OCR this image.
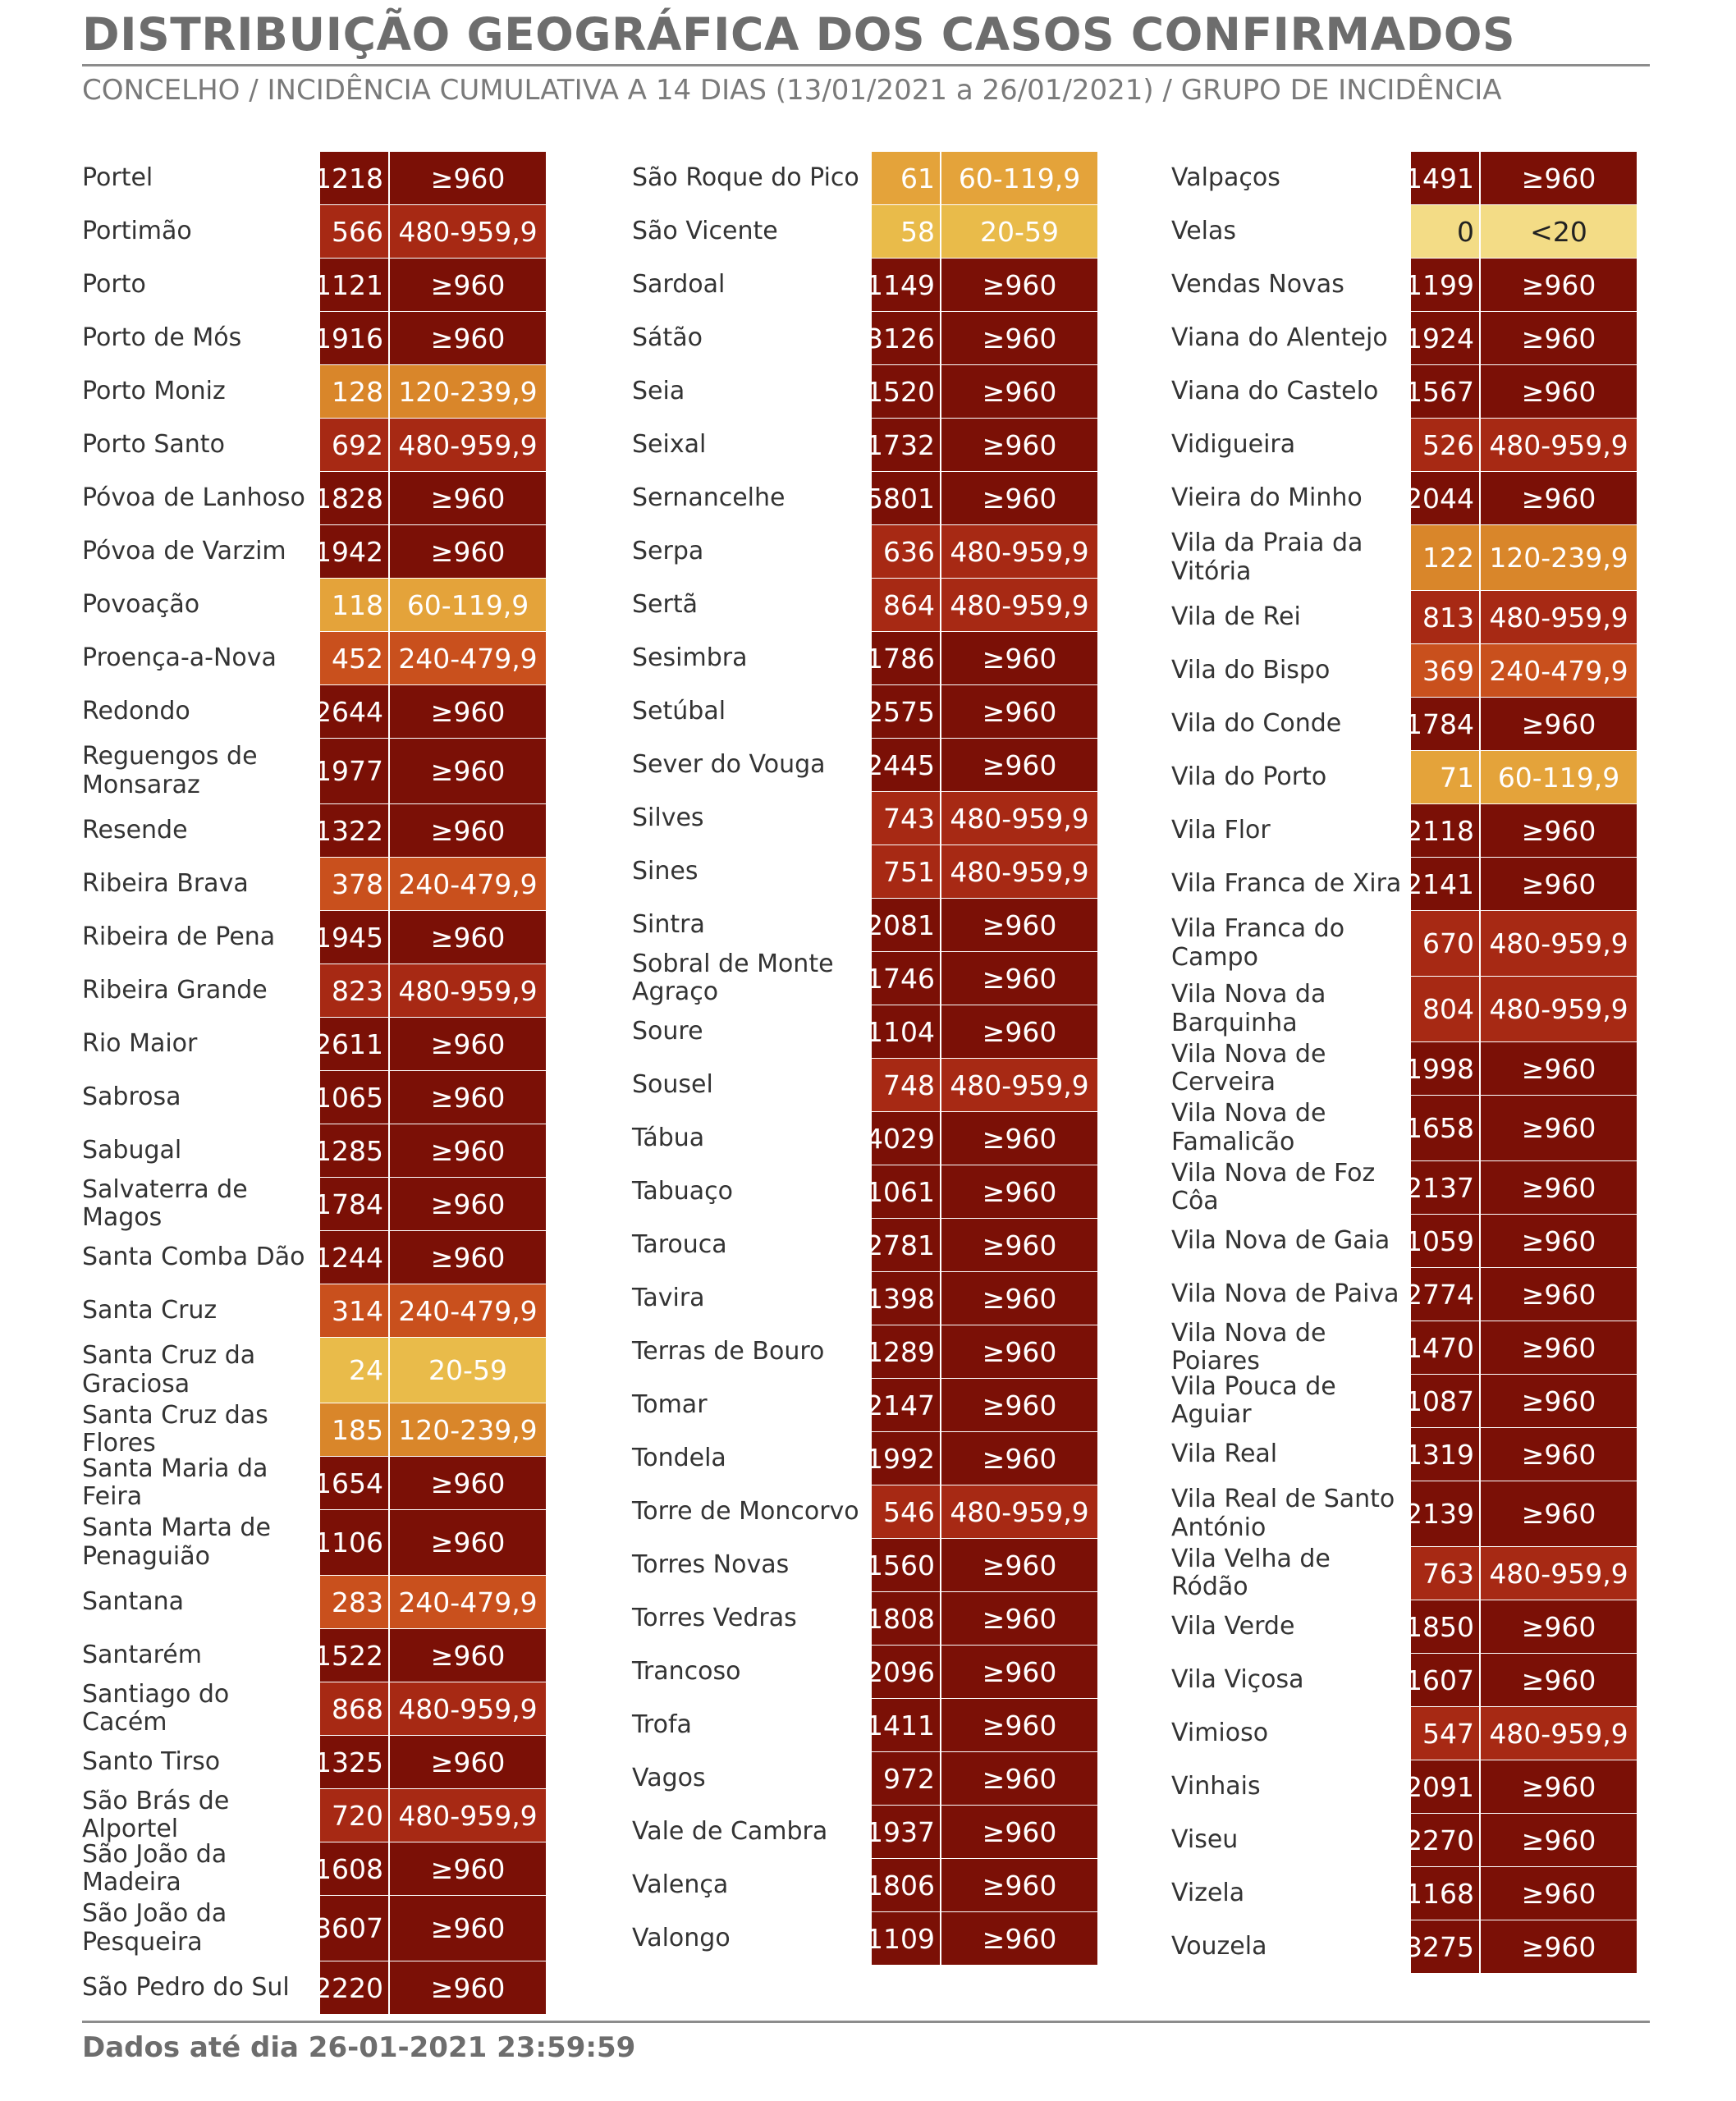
DISTRIBUIÇÃO GEOGRÁFICA DOS CASOS CONFIRMADOS
CONCELHO / INCIDÊNCIA CUMULATIVA A 14 DIAS (13/01/2021 a 26/01/2021) / GRUPO DE INCIDÊNCIA
Portel	1218	≥960
Portimão	566 480-959,9
Porto	1121	≥960
Porto de Mós	1916	≥960
Porto Moniz	128 120-239,9
Porto Santo	692 480-959,9
Póvoa de Lanhoso 1828	≥960
Póvoa de Varzim	1942	≥960
Povoação	118 60-119,9
Proença-a-Nova	452 240-479,9
Redondo	2644	≥960
Reguengos de Monsaraz	1977	≥960
Resende	1322	≥960
Ribeira Brava	378 240-479,9
Ribeira de Pena	1945	≥960
Ribeira Grande	823 480-959,9
Rio Maior	2611	≥960
Sabrosa	1065	≥960
Sabugal	1285	≥960
Salvaterra de Magos	1784	≥960
Santa Comba Dão 1244	≥960
Santa Cruz	314 240-479,9
Santa Cruz da Graciosa	24	20-59
Santa Cruz das Flores	185 120-239,9
Santa Maria da Feira	1654	≥960
Santa Marta de Penaguião	1106	≥960
Santana	283 240-479,9
Santarém	1522	≥960
Santiago do Cacém	868 480-959,9
Santo Tirso	1325	≥960
São Brás de Alportel	720 480-959,9
São João da Madeira	1608	≥960
São João da Pesqueira	3607	≥960
São Pedro do Sul 2220	≥960
São Roque do Pico	61 60-119,9
São Vicente	58	20-59
Sardoal	1149	≥960
Sátão	3126	≥960
Seia	1520	≥960
Seixal	1732	≥960
Sernancelhe	5801	≥960
Serpa	636 480-959,9
Sertã	864 480-959,9
Sesimbra	1786	≥960
Setúbal	2575	≥960
Sever do Vouga	2445	≥960
Silves	743 480-959,9
Sines	751 480-959,9
Sintra	2081	≥960
Sobral de Monte Agraço	1746	≥960
Soure	1104	≥960
Sousel	748 480-959,9
Tábua	4029	≥960
Tabuaço	1061	≥960
Tarouca	2781	≥960
Tavira	1398	≥960
Terras de Bouro	1289	≥960
Tomar	2147	≥960
Tondela	1992	≥960
Torre de Moncorvo 546 480-959,9
Torres Novas	1560	≥960
Torres Vedras	1808	≥960
Trancoso	2096	≥960
Trofa	1411	≥960
Vagos	972	≥960
Vale de Cambra	1937	≥960
Valença	1806	≥960
Valongo	1109	≥960
Valpaços	1491	≥960
Velas	0	<20
Vendas Novas	1199	≥960
Viana do Alentejo 1924	≥960
Viana do Castelo 1567	≥960
Vidigueira	526 480-959,9
Vieira do Minho	2044	≥960
Vila da Praia da Vitória	122 120-239,9
Vila de Rei	813 480-959,9
Vila do Bispo	369 240-479,9
Vila do Conde	1784	≥960
Vila do Porto	71 60-119,9
Vila Flor	2118	≥960
Vila Franca de Xira 2141	≥960
Vila Franca do Campo	670 480-959,9
Vila Nova da Barquinha	804 480-959,9
Vila Nova de Cerveira	1998	≥960
Vila Nova de Famalicão	1658	≥960
Vila Nova de Foz Côa	2137	≥960
Vila Nova de Gaia 1059	≥960
Vila Nova de Paiva 2774	≥960
Vila Nova de Poiares	1470	≥960
Vila Pouca de Aguiar	1087	≥960
Vila Real	1319	≥960
Vila Real de Santo António	2139	≥960
Vila Velha de Ródão	763 480-959,9
Vila Verde	1850	≥960
Vila Viçosa	1607	≥960
Vimioso	547 480-959,9
Vinhais	2091	≥960
Viseu	2270	≥960
Vizela	1168	≥960
Vouzela	3275	≥960
Dados até dia 26-01-2021 23:59:59
